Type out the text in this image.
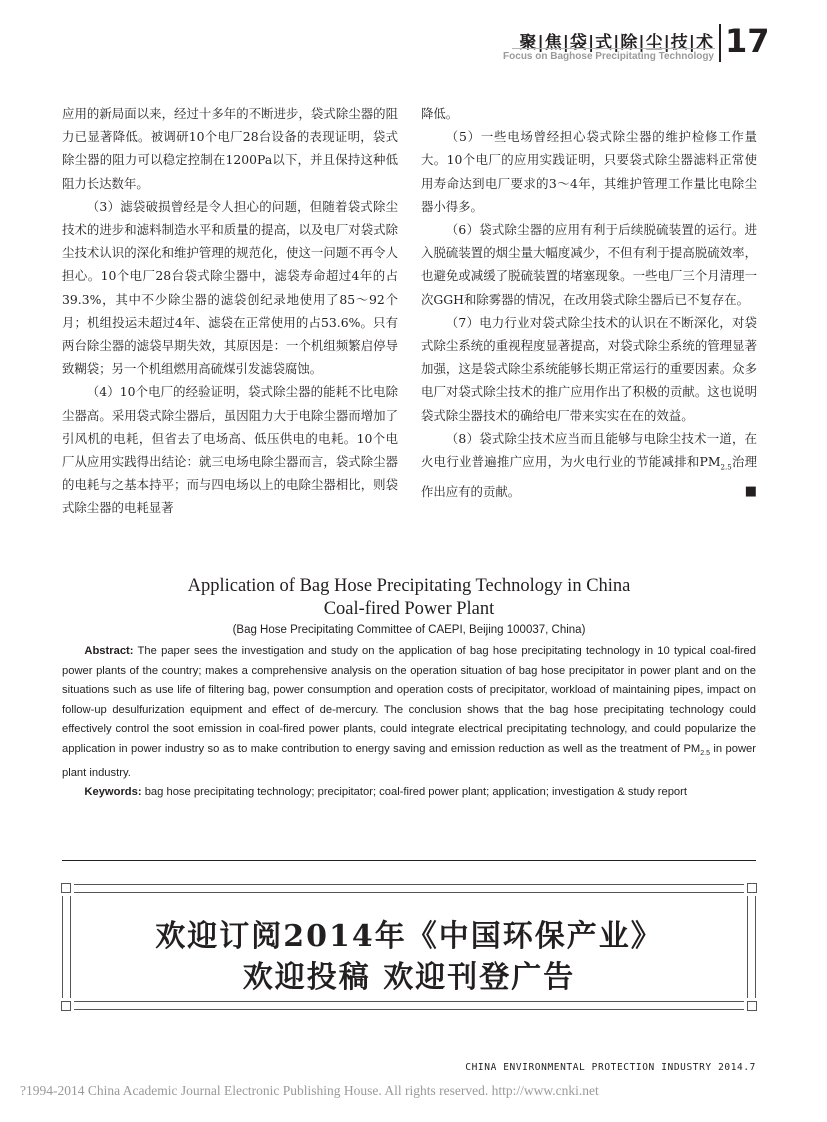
聚|焦|袋|式|除|尘|技|术
Focus on Baghose Precipitating Technology 17

应用的新局面以来，经过十多年的不断进步，袋式除尘器的阻力已显著降低。被调研10个电厂28台设备的表现证明，袋式除尘器的阻力可以稳定控制在1200Pa以下，并且保持这种低阻力长达数年。

（3）滤袋破损曾经是令人担心的问题，但随着袋式除尘技术的进步和滤料制造水平和质量的提高，以及电厂对袋式除尘技术认识的深化和维护管理的规范化，使这一问题不再令人担心。10个电厂28台袋式除尘器中，滤袋寿命超过4年的占39.3%，其中不少除尘器的滤袋创纪录地使用了85～92个月；机组投运未超过4年、滤袋在正常使用的占53.6%。只有两台除尘器的滤袋早期失效，其原因是：一个机组频繁启停导致糊袋；另一个机组燃用高硫煤引发滤袋腐蚀。

（4）10个电厂的经验证明，袋式除尘器的能耗不比电除尘器高。采用袋式除尘器后，虽因阻力大于电除尘器而增加了引风机的电耗，但省去了电场高、低压供电的电耗。10个电厂从应用实践得出结论：就三电场电除尘器而言，袋式除尘器的电耗与之基本持平；而与四电场以上的电除尘器相比，则袋式除尘器的电耗显著

降低。

（5）一些电场曾经担心袋式除尘器的维护检修工作量大。10个电厂的应用实践证明，只要袋式除尘器滤料正常使用寿命达到电厂要求的3～4年，其维护管理工作量比电除尘器小得多。

（6）袋式除尘器的应用有利于后续脱硫装置的运行。进入脱硫装置的烟尘量大幅度减少，不但有利于提高脱硫效率，也避免或减缓了脱硫装置的堵塞现象。一些电厂三个月清理一次GGH和除雾器的情况，在改用袋式除尘器后已不复存在。

（7）电力行业对袋式除尘技术的认识在不断深化，对袋式除尘系统的重视程度显著提高，对袋式除尘系统的管理显著加强，这是袋式除尘系统能够长期正常运行的重要因素。众多电厂对袋式除尘技术的推广应用作出了积极的贡献。这也说明袋式除尘器技术的确给电厂带来实实在在的效益。

（8）袋式除尘技术应当而且能够与电除尘技术一道，在火电行业普遍推广应用，为火电行业的节能减排和$PM_{2.5}$治理作出应有的贡献。	■

Application of Bag Hose Precipitating Technology in China
Coal-fired Power Plant
(Bag Hose Precipitating Committee of CAEPI, Beijing 100037, China)

Abstract: The paper sees the investigation and study on the application of bag hose precipitating technology in 10 typical coal-fired power plants of the country; makes a comprehensive analysis on the operation situation of bag hose precipitator in power plant and on the situations such as use life of filtering bag, power consumption and operation costs of precipitator, workload of maintaining pipes, impact on follow-up desulfurization equipment and effect of de-mercury. The conclusion shows that the bag hose precipitating technology could effectively control the soot emission in coal-fired power plants, could integrate electrical precipitating technology, and could popularize the application in power industry so as to make contribution to energy saving and emission reduction as well as the treatment of $PM_{2.5}$ in power plant industry.

Keywords: bag hose precipitating technology; precipitator; coal-fired power plant; application; investigation & study report

欢迎订阅2014年《中国环保产业》
欢迎投稿 欢迎刊登广告
CHINA ENVIRONMENTAL PROTECTION INDUSTRY 2014.7
?1994-2014 China Academic Journal Electronic Publishing House. All rights reserved. http://www.cnki.net
